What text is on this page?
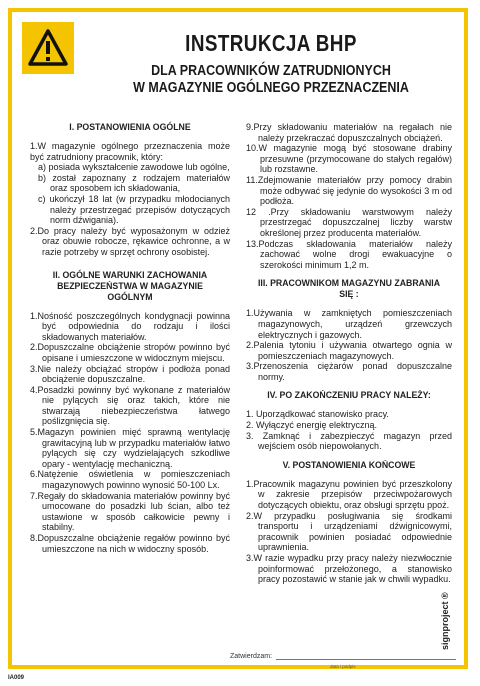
INSTRUKCJA BHP
DLA PRACOWNIKÓW ZATRUDNIONYCH
W MAGAZYNIE OGÓLNEGO PRZEZNACZENIA
I. POSTANOWIENIA OGÓLNE

1.W magazynie ogólnego przeznaczenia może być zatrudniony pracownik, który:

a) posiada wykształcenie zawodowe lub ogólne,

b) został zapoznany z rodzajem materiałów oraz sposobem ich składowania,

c) ukończył 18 lat (w przypadku młodocianych należy przestrzegać przepisów dotyczących norm dźwigania).

2.Do pracy należy być wyposażonym w odzież oraz obuwie robocze, rękawice ochronne, a w razie potrzeby w sprzęt ochrony osobistej.

II. OGÓLNE WARUNKI ZACHOWANIA
BEZPIECZEŃSTWA W MAGAZYNIE OGÓLNYM

1.Nośność poszczególnych kondygnacji powinna być odpowiednia do rodzaju i ilości składowanych materiałów.

2.Dopuszczalne obciążenie stropów powinno być opisane i umieszczone w widocznym miejscu.

3.Nie należy obciążać stropów i podłoża ponad obciążenie dopuszczalne.

4.Posadzki powinny być wykonane z materiałów nie pylących się oraz takich, które nie stwarzają niebezpieczeństwa łatwego poślizgnięcia się.

5.Magazyn powinien mięć sprawną wentylację grawitacyjną lub w przypadku materiałów łatwo pylących się czy wydzielających szkodliwe opary - wentylację mechaniczną.

6.Natężenie oświetlenia w pomieszczeniach magazynowych powinno wynosić 50-100 Lx.

7.Regały do składowania materiałów powinny być umocowane do posadzki lub ścian, albo też ustawione w sposób całkowicie pewny i stabilny.

8.Dopuszczalne obciążenie regałów powinno być umieszczone na nich w widoczny sposób.

9.Przy składowaniu materiałów na regałach nie należy przekraczać dopuszczalnych obciążeń.

10.W magazynie mogą być stosowane drabiny przesuwne (przymocowane do stałych regałów) lub rozstawne.

11.Zdejmowanie materiałów przy pomocy drabin może odbywać się jedynie do wysokości 3 m od podłoża.

12 .Przy składowaniu warstwowym należy przestrzegać dopuszczalnej liczby warstw określonej przez producenta materiałów.

13.Podczas składowania materiałów należy zachować wolne drogi ewakuacyjne o szerokości minimum 1,2 m.

III. PRACOWNIKOM MAGAZYNU ZABRANIA SIĘ :

1.Używania w zamkniętych pomieszczeniach magazynowych, urządzeń grzewczych elektrycznych i gazowych.

2.Palenia tytoniu i używania otwartego ognia w pomieszczeniach magazynowych.

3.Przenoszenia ciężarów ponad dopuszczalne normy.

IV. PO ZAKOŃCZENIU PRACY NALEŻY:

1. Uporządkować stanowisko pracy.

2. Wyłączyć energię elektryczną.

3. Zamknąć i zabezpieczyć magazyn przed wejściem osób niepowołanych.

V. POSTANOWIENIA KOŃCOWE

1.Pracownik magazynu powinien być przeszkolony w zakresie przepisów przeciwpożarowych dotyczących obiektu, oraz obsługi sprzętu ppoż.

2.W przypadku posługiwania się środkami transportu i urządzeniami dźwignicowymi, pracownik powinien posiadać odpowiednie uprawnienia.

3.W razie wypadku przy pracy należy niezwłocznie poinformować przełożonego, a stanowisko pracy pozostawić w stanie jak w chwili wypadku.

Zatwierdzam:
data i podpis
IA009
signproject ®
